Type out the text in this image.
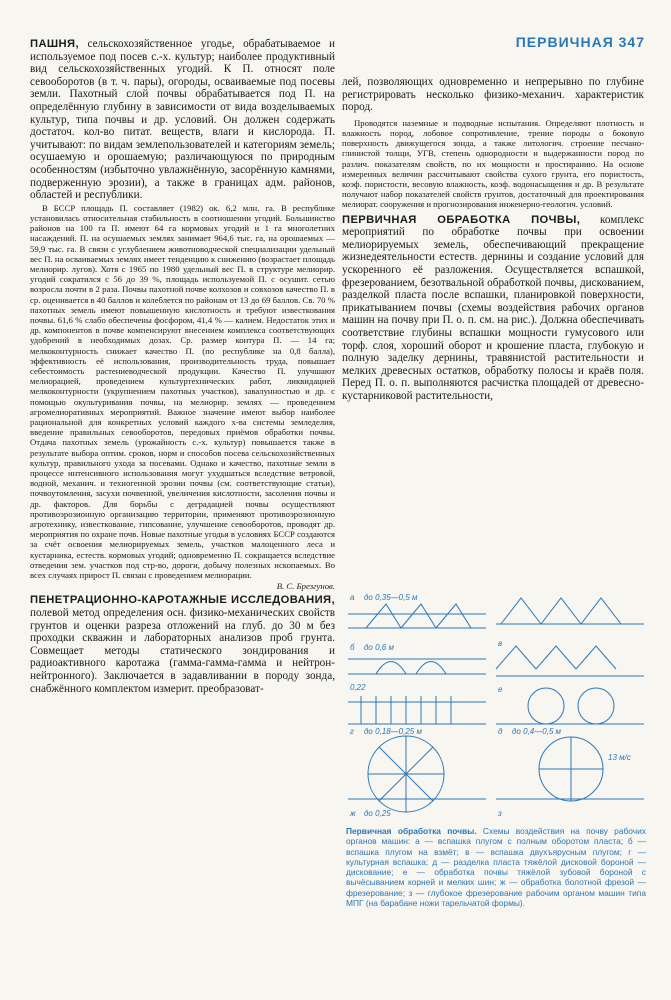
ПЕРВИЧНАЯ 347

ПАШНЯ, сельскохозяйственное угодье, обрабатываемое и используемое под посев с.-х. культур; наиболее продуктивный вид сельскохозяйственных угодий. К П. относят поле севооборотов (в т. ч. пары), огороды, осваиваемые под посевы земли. Пахотный слой почвы обрабатывается под П. на определённую глубину в зависимости от вида возделываемых культур, типа почвы и др. условий. Он должен содержать достаточ. кол-во питат. веществ, влаги и кислорода. П. учитывают: по видам землепользователей и категориям земель; осушаемую и орошаемую; различающуюся по природным особенностям (избыточно увлажнённую, засорённую камнями, подверженную эрозии), а также в границах адм. районов, областей и республики.

В БССР площадь П. составляет (1982) ок. 6,2 млн. га. В республике установилась относительная стабильность в соотношении угодий. Большинство районов на 100 га П. имеют 64 га кормовых угодий и 1 га многолетних насаждений. П. на осушаемых землях занимает 964,6 тыс. га, на орошаемых — 59,9 тыс. га. В связи с углублением животноводческой специализации удельный вес П. на осваиваемых землях имеет тенденцию к снижению (возрастает площадь мелиорир. лугов). Хотя с 1965 по 1980 удельный вес П. в структуре мелиорир. угодий сократился с 56 до 39 %, площадь используемой П. с осушит. сетью возросла почти в 2 раза. Почвы пахотной почве колхозов и совхозов качество П. в ср. оценивается в 40 баллов и колеблется по районам от 13 до 69 баллов. Св. 70 % пахотных земель имеют повышенную кислотность и требуют известкования почвы. 61,6 % слабо обеспечены фосфором, 41,4 % — калием. Недостаток этих и др. компонентов в почве компенсируют внесением комплекса соответствующих удобрений в необходимых дозах. Ср. размер контура П. — 14 га; мелкоконтурность снижает качество П. (по республике на 0,8 балла), эффективность её использования, производительность труда, повышает себестоимость растениеводческой продукции. Качество П. улучшают мелиорацией, проведением культуртехнических работ, ликвидацией мелкоконтурности (укрупнением пахотных участков), завалунностью и др. с помощью окультуривания почвы, на мелиорир. землях — проведением агромелиоративных мероприятий. Важное значение имеют выбор наиболее рациональной для конкретных условий каждого х-ва системы земледелия, введение правильных севооборотов, передовых приёмов обработки почвы. Отдача пахотных земель (урожайность с.-х. культур) повышается также в результате выбора оптим. сроков, норм и способов посева сельскохозяйственных культур, правильного ухода за посевами. Однако и качество, пахотные земли в процессе интенсивного использования могут ухудшаться вследствие ветровой, водной, механич. и техногенной эрозии почвы (см. соответствующие статьи), почвоутомления, засухи почвенной, увеличения кислотности, засоления почвы и др. факторов. Для борьбы с деградацией почвы осуществляют противоэрозионную организацию территории, применяют противоэрозионную агротехнику, известкование, гипсование, улучшение севооборотов, проводят др. мероприятия по охране почв. Новые пахотные угодья в условиях БССР создаются за счёт освоения мелиорируемых земель, участков малоценного леса и кустарника, естеств. кормовых угодий; одновременно П. сокращается вследствие отведения зем. участков под стр-во, дороги, добычу полезных ископаемых. Во всех случаях прирост П. связан с проведением мелиорации.

В. С. Брезгунов.

ПЕНЕТРАЦИОННО-КАРОТАЖНЫЕ ИССЛЕДОВАНИЯ, полевой метод определения осн. физико-механических свойств грунтов и оценки разреза отложений на глуб. до 30 м без проходки скважин и лабораторных анализов проб грунта. Совмещает методы статического зондирования и радиоактивного каротажа (гамма-гамма-гамма и нейтрон-нейтронного). Заключается в задавливании в породу зонда, снабжённого комплектом измерит. преобразоват-

лей, позволяющих одновременно и непрерывно по глубине регистрировать несколько физико-механич. характеристик пород.

Проводятся наземные и подводные испытания. Определяют плотность и влажность пород, лобовое сопротивление, трение породы о боковую поверхность движущегося зонда, а также литологич. строение песчано-глинистой толщи, УГВ, степень однородности и выдержанности пород по различ. показателям свойств, по их мощности и простиранию. На основе измеренных величин рассчитывают свойства сухого грунта, его пористость, коэф. пористости, весовую влажность, коэф. водонасыщения и др. В результате получают набор показателей свойств грунтов, достаточный для проектирования мелиорат. сооружения и прогнозирования инженерно-геологич. условий.

ПЕРВИЧНАЯ ОБРАБОТКА ПОЧВЫ, комплекс мероприятий по обработке почвы при освоении мелиорируемых земель, обеспечивающий прекращение жизнедеятельности естеств. дернины и создание условий для ускоренного её разложения. Осуществляется вспашкой, фрезерованием, безотвальной обработкой почвы, дискованием, разделкой пласта после вспашки, планировкой поверхности, прикатыванием почвы (схемы воздействия рабочих органов машин на почву при П. о. п. см. на рис.). Должна обеспечивать соответствие глубины вспашки мощности гумусового или торф. слоя, хороший оборот и крошение пласта, глубокую и полную заделку дернины, травянистой растительности и мелких древесных остатков, обработку полосы и краёв поля. Перед П. о. п. выполняются расчистка площадей от древесно-кустарниковой растительности,

а до 0,35—0,5 м
б до 0,6 м	в
0,22
г до 0,18—0,25 м	д до 0,4—0,5 м
е
ж до 0,25	з
13 м/с
Первичная обработка почвы. Схемы воздействия на почву рабочих органов машин: а — вспашка плугом с полным оборотом пласта; б — вспашка плугом на взмёт; в — вспашка двухъярусным плугом; г — культурная вспашка; д — разделка пласта тяжёлой дисковой бороной — дискование; е — обработка почвы тяжёлой зубовой бороной с вычёсыванием корней и мелких шин; ж — обработка болотной фрезой — фрезерование; з — глубокое фрезерование рабочим органом машин типа МПГ (на барабане ножи тарельчатой формы).
